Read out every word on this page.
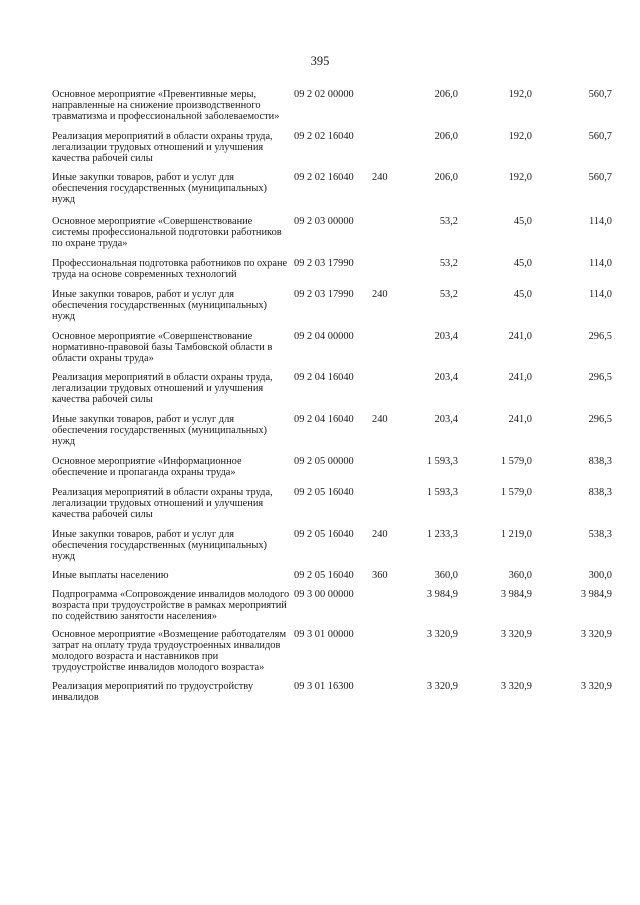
395
Основное мероприятие «Превентивные меры, направленные на снижение производственного травматизма и профессиональной заболеваемости»
09 2 02 00000	206,0	192,0	560,7
Реализация мероприятий в области охраны труда, легализации трудовых отношений и улучшения качества рабочей силы
09 2 02 16040	206,0	192,0	560,7
Иные закупки товаров, работ и услуг для обеспечения государственных (муниципальных) нужд
09 2 02 16040 240	206,0	192,0	560,7
Основное мероприятие «Совершенствование системы профессиональной подготовки работников по охране труда»
09 2 03 00000	53,2	45,0	114,0
Профессиональная подготовка работников по охране труда на основе современных технологий
09 2 03 17990	53,2	45,0	114,0
Иные закупки товаров, работ и услуг для обеспечения государственных (муниципальных) нужд
09 2 03 17990 240	53,2	45,0	114,0
Основное мероприятие «Совершенствование нормативно-правовой базы Тамбовской области в области охраны труда»
09 2 04 00000	203,4	241,0	296,5
Реализация мероприятий в области охраны труда, легализации трудовых отношений и улучшения качества рабочей силы
09 2 04 16040	203,4	241,0	296,5
Иные закупки товаров, работ и услуг для обеспечения государственных (муниципальных) нужд
09 2 04 16040 240	203,4	241,0	296,5
Основное мероприятие «Информационное обеспечение и пропаганда охраны труда»
09 2 05 00000	1 593,3	1 579,0	838,3
Реализация мероприятий в области охраны труда, легализации трудовых отношений и улучшения качества рабочей силы
09 2 05 16040	1 593,3	1 579,0	838,3
Иные закупки товаров, работ и услуг для обеспечения государственных (муниципальных) нужд
09 2 05 16040 240	1 233,3	1 219,0	538,3
Иные выплаты населению	09 2 05 16040 360	360,0	360,0	300,0
Подпрограмма «Сопровождение инвалидов молодого возраста при трудоустройстве в рамках мероприятий по содействию занятости населения»
09 3 00 00000	3 984,9	3 984,9	3 984,9
Основное мероприятие «Возмещение работодателям затрат на оплату труда трудоустроенных инвалидов молодого возраста и наставников при трудоустройстве инвалидов молодого возраста»
09 3 01 00000	3 320,9	3 320,9	3 320,9
Реализация мероприятий по трудоустройству инвалидов
09 3 01 16300	3 320,9	3 320,9	3 320,9
